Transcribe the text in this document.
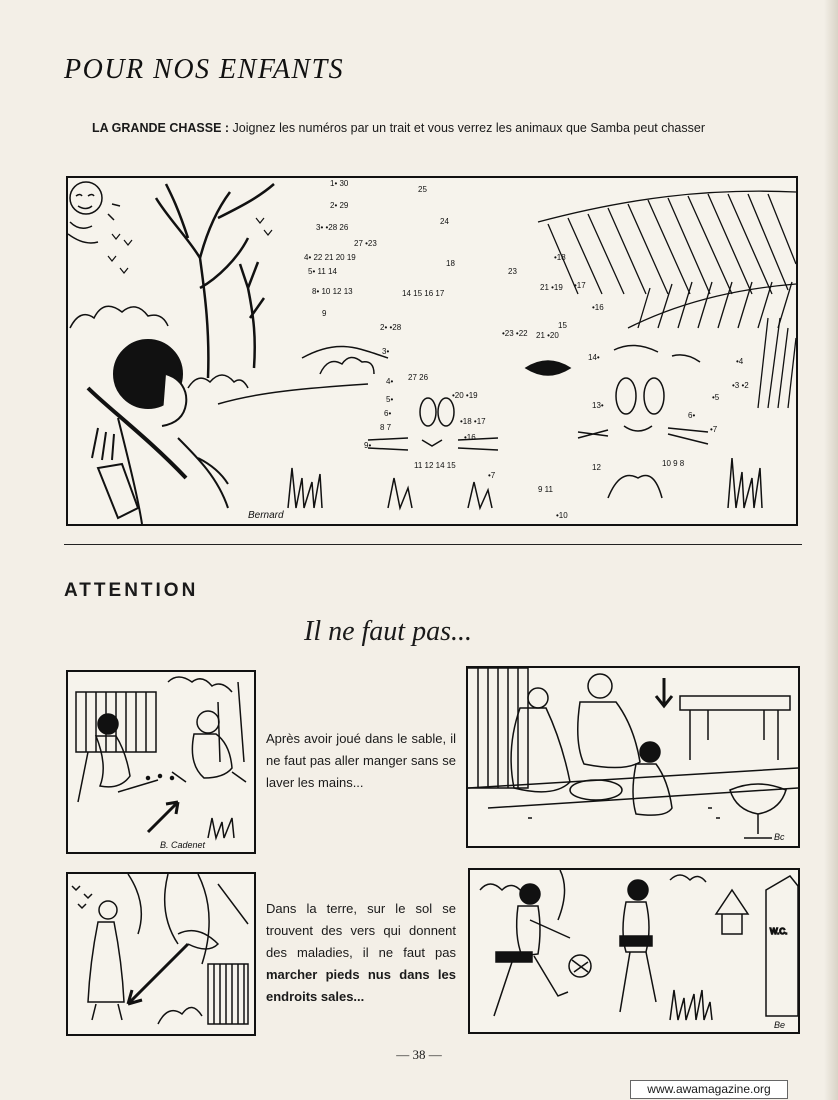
POUR NOS ENFANTS
LA GRANDE CHASSE : Joignez les numéros par un trait et vous verrez les animaux que Samba peut chasser
Bernard
1• 30
2• 29
3• •28 26
27 •23
4• 22 21 20 19
18
5• 11 14
8• 10 12 13	14 15 16 17
9
25
24
23
•18
21 •19 •17
•16
2• •28
3•
4• 27 26
•23 •22 21 •20
15
14•	•4
•3 •2
•5
6•
•7
13•
12	10 9 8
5•
6•
8 7
9•
•20 •19
•18 •17
•16
11 12 14 15
•7
9 11
•10
ATTENTION
Il ne faut pas...
B. Cadenet
Après avoir joué dans le sable, il ne faut pas aller manger sans se laver les mains...
Bc
Dans la terre, sur le sol se trouvent des vers qui donnent des maladies, il ne faut pas marcher pieds nus dans les endroits sales...
W.C.
Be
— 38 —
www.awamagazine.org
